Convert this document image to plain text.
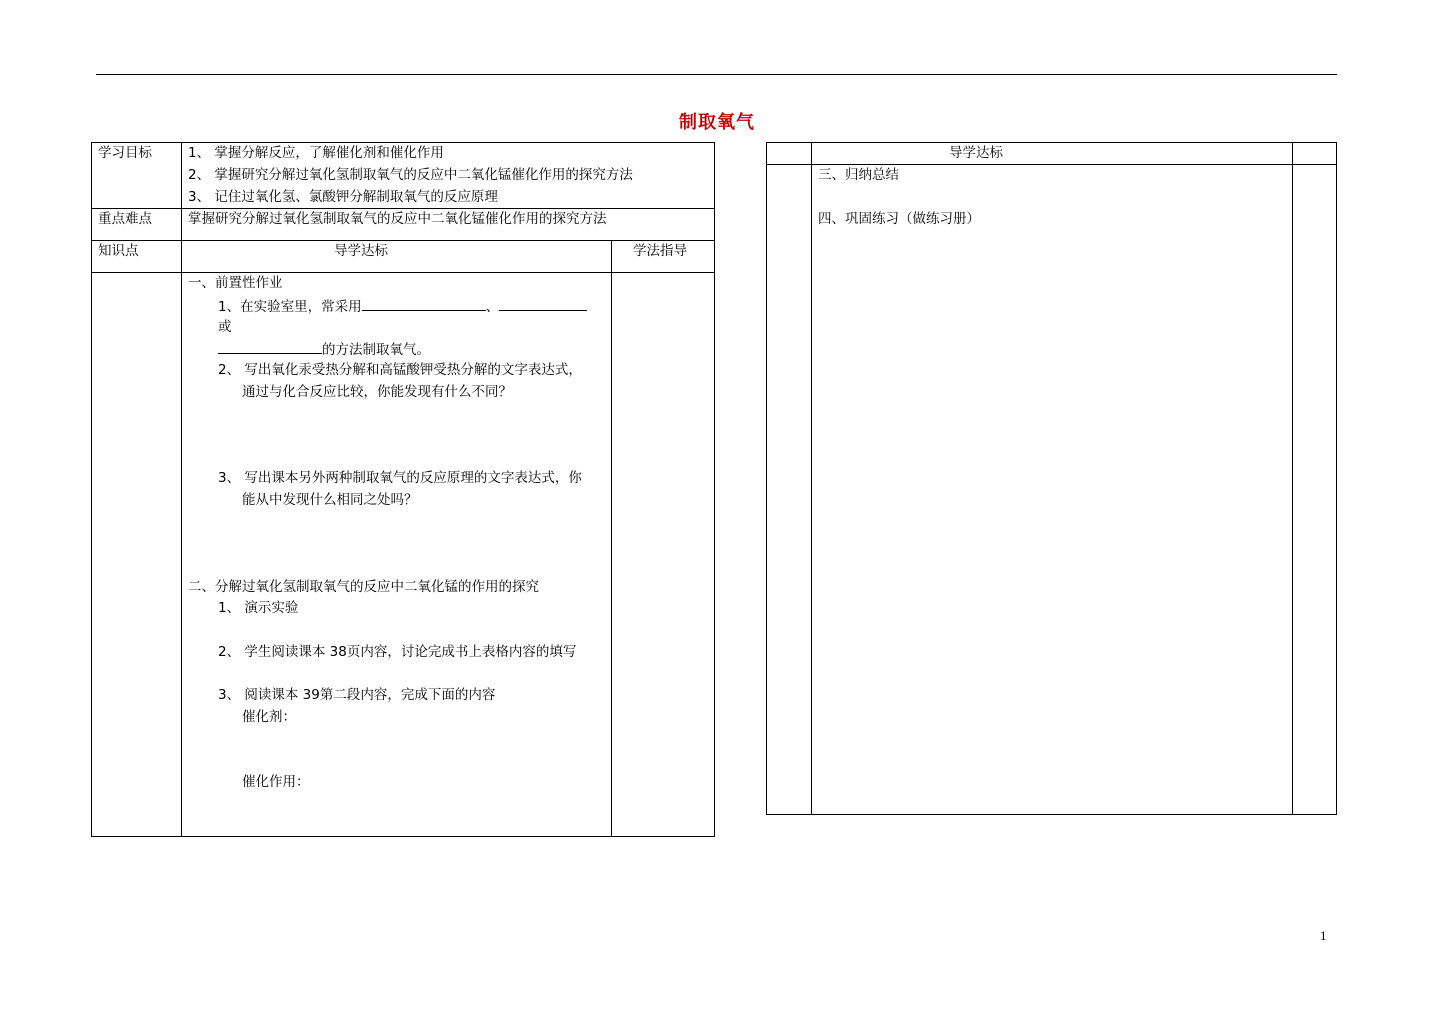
制取氧气
学习目标	1、 掌握分解反应，了解催化剂和催化作用
2、 掌握研究分解过氧化氢制取氧气的反应中二氧化锰催化作用的探究方法
3、 记住过氧化氢、氯酸钾分解制取氧气的反应原理
重点难点	掌握研究分解过氧化氢制取氧气的反应中二氧化锰催化作用的探究方法
知识点	导学达标	学法指导
一、前置性作业
1、在实验室里，常采用	、
或
的方法制取氧气。
2、 写出氧化汞受热分解和高锰酸钾受热分解的文字表达式，
通过与化合反应比较，你能发现有什么不同？
3、 写出课本另外两种制取氧气的反应原理的文字表达式，你
能从中发现什么相同之处吗？
二、分解过氧化氢制取氧气的反应中二氧化锰的作用的探究
1、 演示实验
2、 学生阅读课本 38页内容，讨论完成书上表格内容的填写
3、 阅读课本 39第二段内容，完成下面的内容
催化剂：
催化作用：
导学达标
三、归纳总结
四、巩固练习（做练习册）
1
